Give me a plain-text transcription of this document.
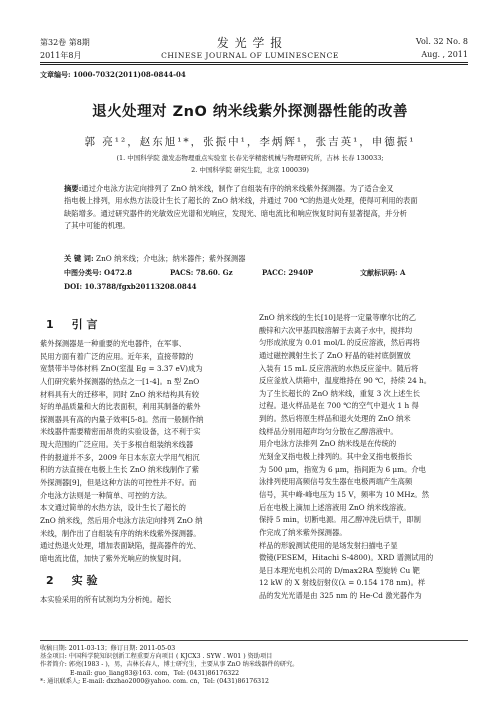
第32卷 第8期
2011年8月
发 光 学 报
CHINESE JOURNAL OF LUMINESCENCE
Vol. 32 No. 8
Aug. , 2011
文章编号: 1000-7032(2011)08-0844-04
退火处理对 ZnO 纳米线紫外探测器性能的改善
郭 亮¹²，赵东旭¹*，张振中¹，李炳辉¹，张吉英¹，申德振¹
(1. 中国科学院 激发态物理重点实验室 长春光学精密机械与物理研究所，吉林 长春 130033;
2. 中国科学院 研究生院，北京 100039)
摘要:通过介电泳方法定向排列了 ZnO 纳米线，制作了自组装有序的纳米线紫外探测器。为了适合金叉
指电极上排列，用水热方法设计生长了超长的 ZnO 纳米线，并通过 700 ℃的热退火处理，使得可利用的表面
缺陷增多。通过研究器件的光敏效应光谱和光响应，发现光、暗电流比和响应恢复时间有显著提高，并分析
了其中可能的机理。
关 键 词: ZnO 纳米线；介电泳；纳米器件；紫外探测器
中图分类号: O472.8	PACS: 78.60. Gz	PACC: 2940P	文献标识码: A
DOI: 10.3788/fgxb20113208.0844
1 引 言

紫外探测器是一种重要的光电器件，在军事、

民用方面有着广泛的应用。近年来，直接带隙的

宽禁带半导体材料 ZnO(室温 Eg = 3.37 eV)成为

人们研究紫外探测器的热点之一[1-4]。n 型 ZnO

材料具有大的迁移率，同时 ZnO 纳米结构具有较

好的单晶质量和大的比表面积，利用其制备的紫外

探测器具有高的内量子效率[5-8]。然而一般制作纳

米线器件需要精密而昂贵的实验设备，这不利于实

现大范围的广泛应用。关于多根自组装纳米线器

件的报道并不多，2009 年日本东京大学用气相沉

积的方法直接在电极上生长 ZnO 纳米线制作了紫

外探测器[9]，但是这种方法的可控性并不好。而

介电泳方法则是一种简单、可控的方法。

本文通过简单的水热方法，设计生长了超长的

ZnO 纳米线，然后用介电泳方法定向排列 ZnO 纳

米线，制作出了自组装有序的纳米线紫外探测器。

通过热退火处理，增加表面缺陷，提高器件的光、

暗电流比值，加快了紫外光响应的恢复时间。

2 实 验
本实验采用的所有试剂均为分析纯。超长

ZnO 纳米线的生长[10]是将一定量等摩尔比的乙

酸锌和六次甲基四胺溶解于去离子水中，搅拌均

匀形成浓度为 0.01 mol/L 的反应溶液，然后再将

通过磁控溅射生长了 ZnO 籽晶的硅衬底倒置放

入装有 15 mL 反应溶液的水热反应釜中。随后将

反应釜放入烘箱中，温度维持在 90 ℃，持续 24 h。

为了生长超长的 ZnO 纳米线，重复 3 次上述生长

过程。退火样品是在 700 ℃的空气中退火 1 h 得

到的。然后将原生样品和退火处理的 ZnO 纳米

线样品分别用超声均匀分散在乙醇溶液中。

用介电泳方法排列 ZnO 纳米线是在传统的

光刻金叉指电极上排列的。其中金叉指电极指长

为 500 μm，指宽为 6 μm，指间距为 6 μm。介电

泳排列使用高频信号发生器在电极两端产生高频

信号，其中峰-峰电压为 15 V，频率为 10 MHz。然

后在电极上滴加上述溶液用 ZnO 纳米线溶液。

保持 5 min，切断电源。用乙醇冲洗后烘干，即制

作完成了纳米紫外探测器。

样品的形貌测试使用的是场发射扫描电子显

微镜(FESEM，Hitachi S-4800)。XRD 谱测试用的

是日本理光电机公司的 D/max2RA 型旋转 Cu 靶

12 kW 的 X 射线衍射仪(λ = 0.154 178 nm)。样

品的发光光谱是由 325 nm 的 He-Cd 激光器作为

收稿日期: 2011-03-13；修订日期: 2011-05-03
基金项目: 中国科学院知识创新工程重要方向项目 ( KJCX3 . SYW . W01 ) 资助项目
作者简介: 郭亮(1983 - )，男，吉林长春人，博士研究生，主要从事 ZnO 纳米线器件的研究。
E-mail: guo_liang83@163. com，Tel: (0431)86176322
*: 通讯联系人; E-mail: dxzhao2000@yahoo. com. cn，Tel: (0431)86176312
